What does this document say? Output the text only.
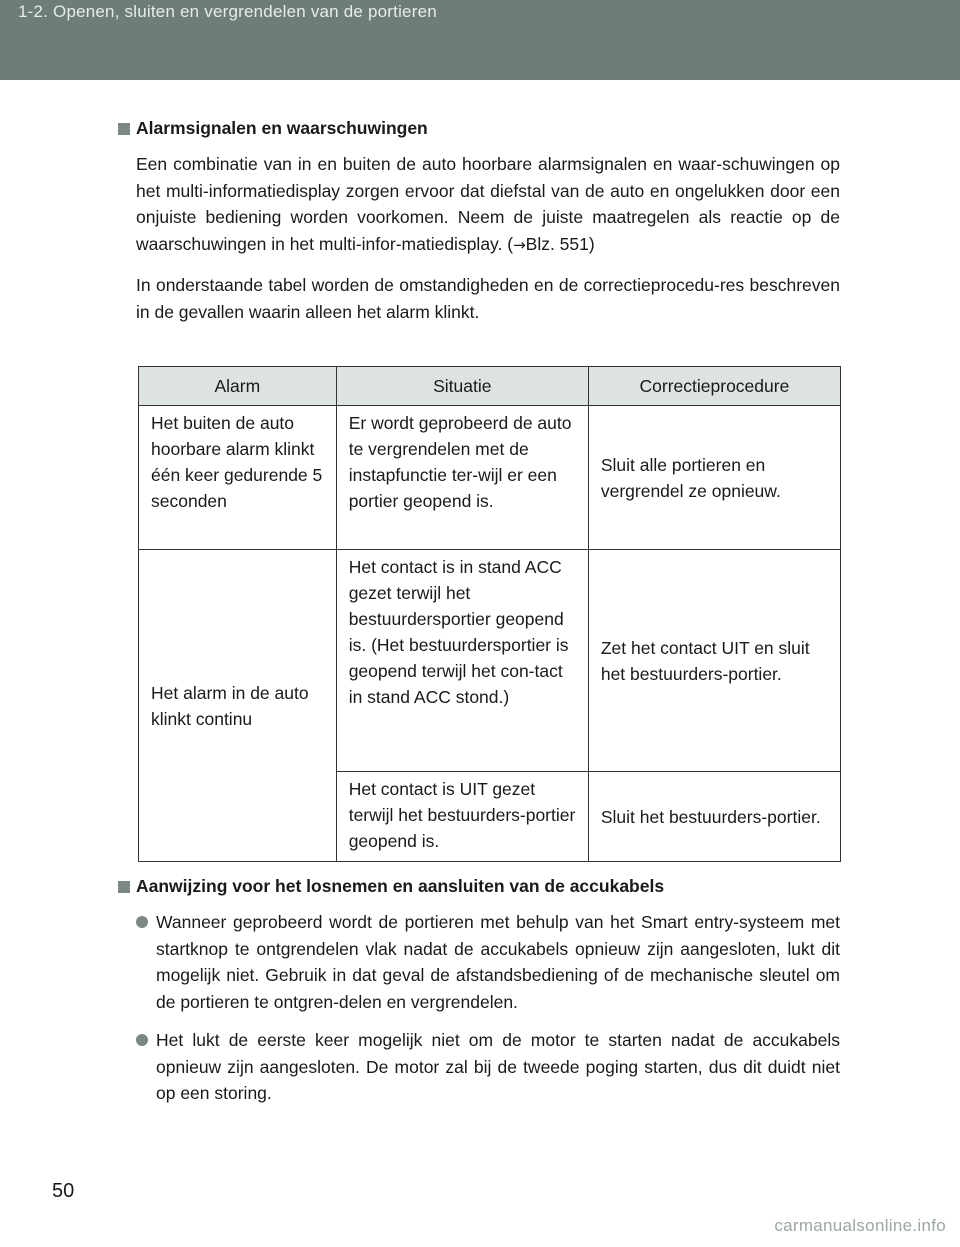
1-2. Openen, sluiten en vergrendelen van de portieren
Alarmsignalen en waarschuwingen

Een combinatie van in en buiten de auto hoorbare alarmsignalen en waar-schuwingen op het multi-informatiedisplay zorgen ervoor dat diefstal van de auto en ongelukken door een onjuiste bediening worden voorkomen. Neem de juiste maatregelen als reactie op de waarschuwingen in het multi-infor-matiedisplay. (→Blz. 551)

In onderstaande tabel worden de omstandigheden en de correctieprocedu-res beschreven in de gevallen waarin alleen het alarm klinkt.

Alarm	Situatie	Correctieprocedure
Het buiten de auto hoorbare alarm klinkt één keer gedurende 5 seconden	Er wordt geprobeerd de auto te vergrendelen met de instapfunctie ter-wijl er een portier geopend is.	Sluit alle portieren en vergrendel ze opnieuw.
Het alarm in de auto klinkt continu	Het contact is in stand ACC gezet terwijl het bestuurdersportier geopend is. (Het bestuurdersportier is geopend terwijl het con-tact in stand ACC stond.)	Zet het contact UIT en sluit het bestuurders-portier.
	Het contact is UIT gezet terwijl het bestuurders-portier geopend is.	Sluit het bestuurders-portier.
Aanwijzing voor het losnemen en aansluiten van de accukabels
Wanneer geprobeerd wordt de portieren met behulp van het Smart entry-systeem met startknop te ontgrendelen vlak nadat de accukabels opnieuw zijn aangesloten, lukt dit mogelijk niet. Gebruik in dat geval de afstandsbediening of de mechanische sleutel om de portieren te ontgren-delen en vergrendelen.
Het lukt de eerste keer mogelijk niet om de motor te starten nadat de accukabels opnieuw zijn aangesloten. De motor zal bij de tweede poging starten, dus dit duidt niet op een storing.
50
carmanualsonline.info
